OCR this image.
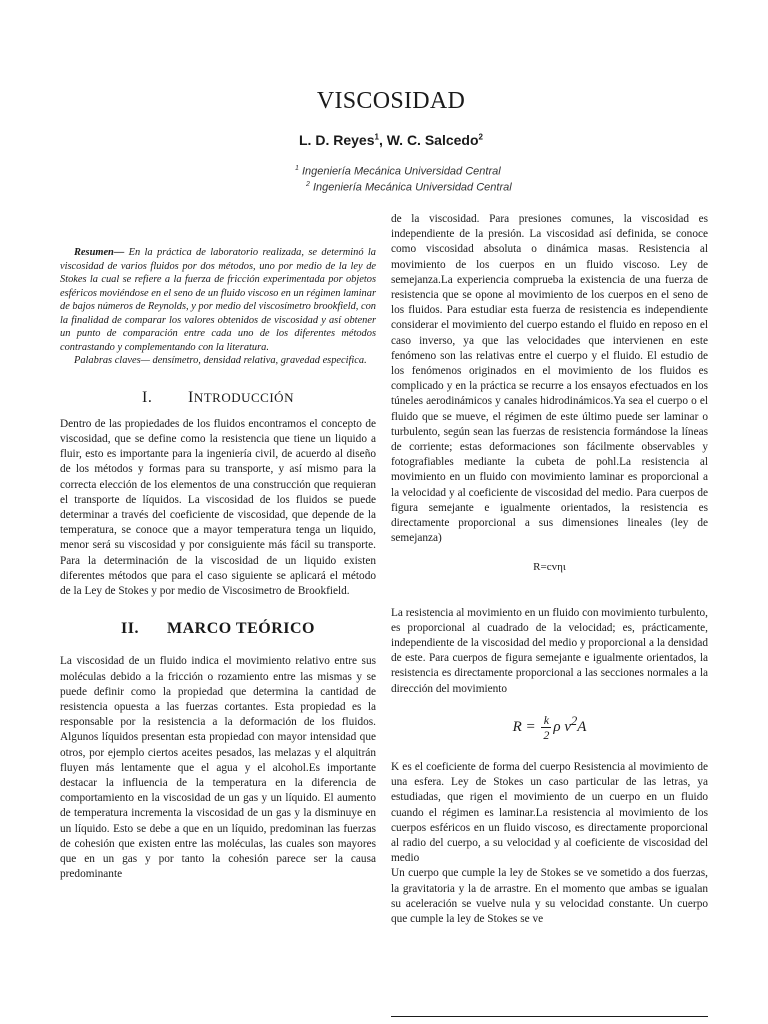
VISCOSIDAD
L. D. Reyes$^1$, W. C. Salcedo$^2$
$^1$ Ingeniería Mecánica Universidad Central
$^2$ Ingeniería Mecánica Universidad Central

Resumen— En la práctica de laboratorio realizada, se determinó la viscosidad de varios fluidos por dos métodos, uno por medio de la ley de Stokes la cual se refiere a la fuerza de fricción experimentada por objetos esféricos moviéndose en el seno de un fluido viscoso en un régimen laminar de bajos números de Reynolds, y por medio del viscosímetro brookfield, con la finalidad de comparar los valores obtenidos de viscosidad y así obtener un punto de comparación entre cada uno de los diferentes métodos contrastando y complementando con la literatura.

Palabras claves— densímetro, densidad relativa, gravedad especifica.

I. INTRODUCCIÓN

Dentro de las propiedades de los fluidos encontramos el concepto de viscosidad, que se define como la resistencia que tiene un liquido a fluir, esto es importante para la ingeniería civil, de acuerdo al diseño de los métodos y formas para su transporte, y así mismo para la correcta elección de los elementos de una construcción que requieran el transporte de líquidos. La viscosidad de los fluidos se puede determinar a través del coeficiente de viscosidad, que depende de la temperatura, se conoce que a mayor temperatura tenga un liquido, menor será su viscosidad y por consiguiente más fácil su transporte. Para la determinación de la viscosidad de un liquido existen diferentes métodos que para el caso siguiente se aplicará el método de la Ley de Stokes y por medio de Viscosimetro de Brookfield.

II. MARCO TEÓRICO

La viscosidad de un fluido indica el movimiento relativo entre sus moléculas debido a la fricción o rozamiento entre las mismas y se puede definir como la propiedad que determina la cantidad de resistencia opuesta a las fuerzas cortantes. Esta propiedad es la responsable por la resistencia a la deformación de los fluidos. Algunos líquidos presentan esta propiedad con mayor intensidad que otros, por ejemplo ciertos aceites pesados, las melazas y el alquitrán fluyen más lentamente que el agua y el alcohol.Es importante destacar la influencia de la temperatura en la diferencia de comportamiento en la viscosidad de un gas y un líquido. El aumento de temperatura incrementa la viscosidad de un gas y la disminuye en un líquido. Esto se debe a que en un líquido, predominan las fuerzas de cohesión que existen entre las moléculas, las cuales son mayores que en un gas y por tanto la cohesión parece ser la causa predominante

de la viscosidad. Para presiones comunes, la viscosidad es independiente de la presión. La viscosidad así definida, se conoce como viscosidad absoluta o dinámica masas. Resistencia al movimiento de los cuerpos en un fluido viscoso. Ley de semejanza.La experiencia comprueba la existencia de una fuerza de resistencia que se opone al movimiento de los cuerpos en el seno de los fluidos. Para estudiar esta fuerza de resistencia es independiente considerar el movimiento del cuerpo estando el fluido en reposo en el caso inverso, ya que las velocidades que intervienen en este fenómeno son las relativas entre el cuerpo y el fluido. El estudio de los fenómenos originados en el movimiento de los fluidos es complicado y en la práctica se recurre a los ensayos efectuados en los túneles aerodinámicos y canales hidrodinámicos.Ya sea el cuerpo o el fluido que se mueve, el régimen de este último puede ser laminar o turbulento, según sean las fuerzas de resistencia formándose la líneas de corriente; estas deformaciones son fácilmente observables y fotografiables mediante la cubeta de pohl.La resistencia al movimiento en un fluido con movimiento laminar es proporcional a la velocidad y al coeficiente de viscosidad del medio. Para cuerpos de figura semejante e igualmente orientados, la resistencia es directamente proporcional a sus dimensiones lineales (ley de semejanza)

R=cvηι

La resistencia al movimiento en un fluido con movimiento turbulento, es proporcional al cuadrado de la velocidad; es, prácticamente, independiente de la viscosidad del medio y proporcional a la densidad de este. Para cuerpos de figura semejante e igualmente orientados, la resistencia es directamente proporcional a las secciones normales a la dirección del movimiento

$R = \frac{k}{2}$ ρ $v^2A$

K es el coeficiente de forma del cuerpo Resistencia al movimiento de una esfera. Ley de Stokes un caso particular de las letras, ya estudiadas, que rigen el movimiento de un cuerpo en un fluido cuando el régimen es laminar.La resistencia al movimiento de los cuerpos esféricos en un fluido viscoso, es directamente proporcional al radio del cuerpo, a su velocidad y al coeficiente de viscosidad del medio

Un cuerpo que cumple la ley de Stokes se ve sometido a dos fuerzas, la gravitatoria y la de arrastre. En el momento que ambas se igualan su aceleración se vuelve nula y su velocidad constante. Un cuerpo que cumple la ley de Stokes se ve
